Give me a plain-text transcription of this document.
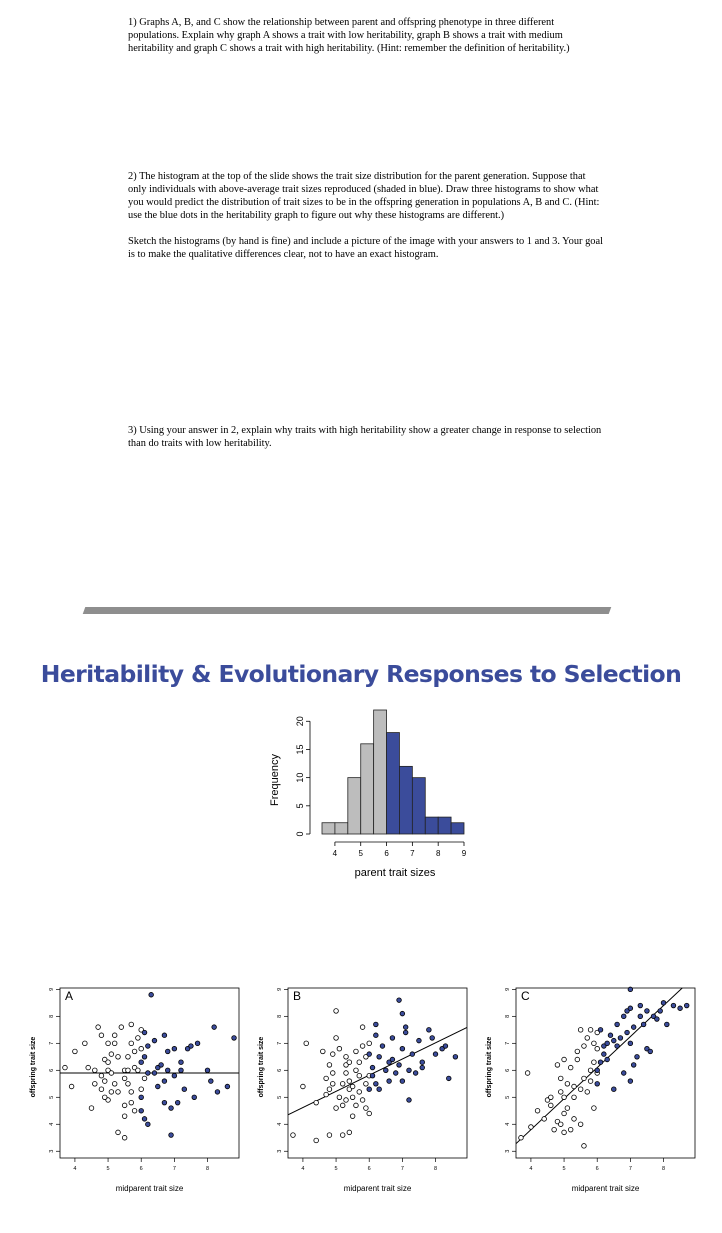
1) Graphs A, B, and C show the relationship between parent and offspring phenotype in three different populations. Explain why graph A shows a trait with low heritability, graph B shows a trait with medium heritability and graph C shows a trait with high heritability. (Hint: remember the definition of heritability.)
2) The histogram at the top of the slide shows the trait size distribution for the parent generation. Suppose that only individuals with above-average trait sizes reproduced (shaded in blue). Draw three histograms to show what you would predict the distribution of trait sizes to be in the offspring generation in populations A, B and C. (Hint: use the blue dots in the heritability graph to figure out why these histograms are different.)
Sketch the histograms (by hand is fine) and include a picture of the image with your answers to 1 and 3. Your goal is to make the qualitative differences clear, not to have an exact histogram.
3) Using your answer in 2, explain why traits with high heritability show a greater change in response to selection than do traits with low heritability.
Heritability & Evolutionary Responses to Selection
Frequency
0
5
10
15
20
4	5	6	7	8	9
parent trait sizes
3
4
5
6
7
8
9
4	5	6	7	8
A
midparent trait size
offspring trait size
3
4
5
6
7
8
9
4	5	6	7	8
B
midparent trait size
offspring trait size
3
4
5
6
7
8
9
4	5	6	7	8
C
midparent trait size
offspring trait size
